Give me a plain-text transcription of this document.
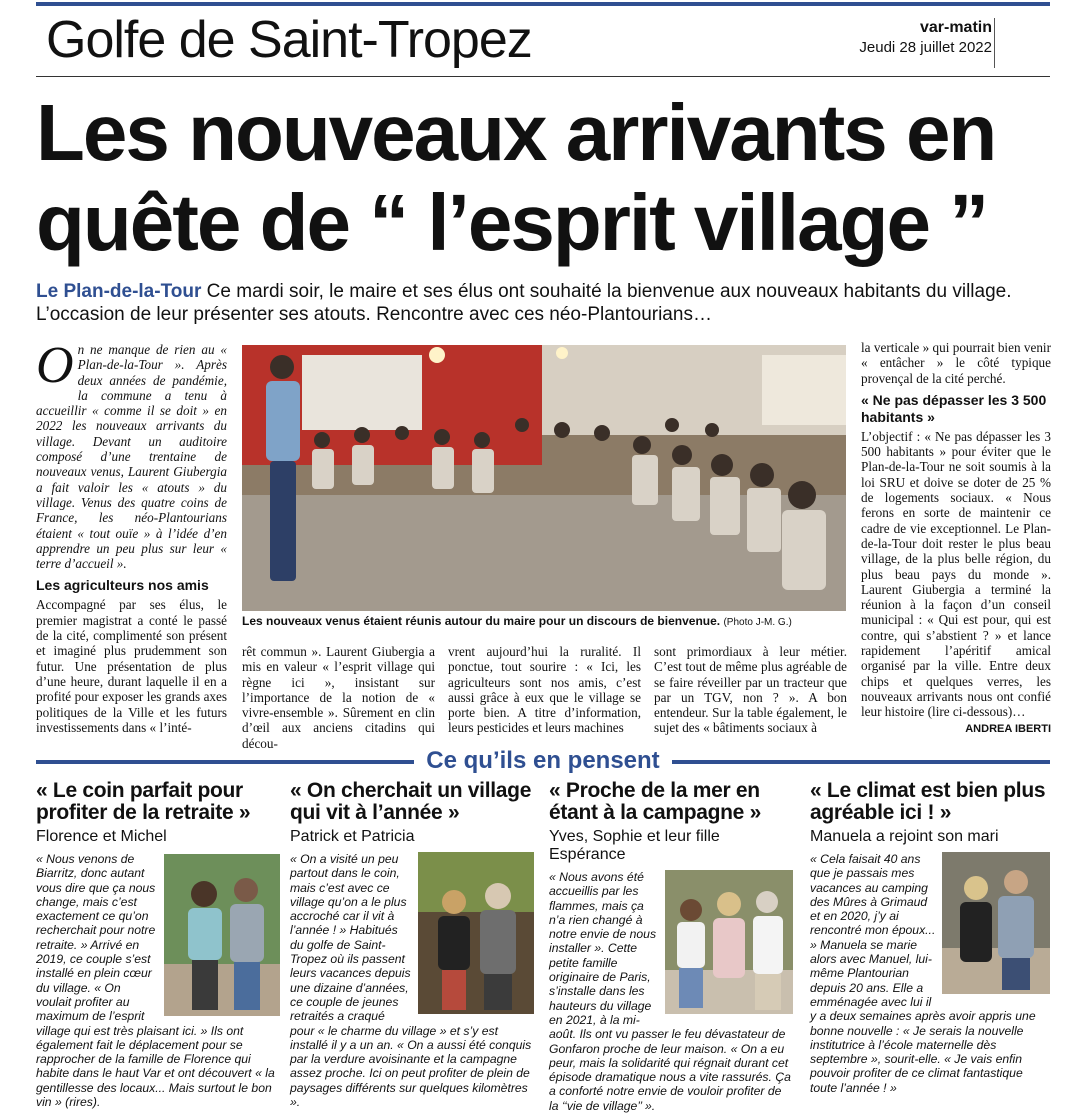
Golfe de Saint-Tropez	var-matin
Jeudi 28 juillet 2022
Les nouveaux arrivants en
quête de “ l’esprit village ”
Le Plan-de-la-Tour Ce mardi soir, le maire et ses élus ont souhaité la bienvenue aux nouveaux habitants du village. L’occasion de leur présenter ses atouts. Rencontre avec ces néo-Plantourians…

On ne manque de rien au « Plan-de-la-Tour ». Après deux années de pandémie, la commune a tenu à accueillir « comme il se doit » en 2022 les nouveaux arrivants du village. Devant un auditoire composé d’une trentaine de nouveaux venus, Laurent Giubergia a fait valoir les « atouts » du village. Venus des quatre coins de France, les néo-Plantourians étaient « tout ouïe » à l’idée d’en apprendre un peu plus sur leur « terre d’accueil ».

Les agriculteurs nos amis

Accompagné par ses élus, le premier magistrat a conté le passé de la cité, complimenté son présent et imaginé plus prudemment son futur. Une présentation de plus d’une heure, durant laquelle il en a profité pour exposer les grands axes politiques de la Ville et les futurs investissements dans « l’inté-

Les nouveaux venus étaient réunis autour du maire pour un discours de bienvenue. (Photo J-M. G.)

rêt commun ». Laurent Giubergia a mis en valeur « l’esprit village qui règne ici », insistant sur l’importance de la notion de « vivre-ensemble ». Sûrement en clin d’œil aux anciens citadins qui décou-

vrent aujourd’hui la ruralité. Il ponctue, tout sourire : « Ici, les agriculteurs sont nos amis, c’est aussi grâce à eux que le village se porte bien. A titre d’information, leurs pesticides et leurs machines

sont primordiaux à leur métier. C’est tout de même plus agréable de se faire réveiller par un tracteur que par un TGV, non ? ». A bon entendeur. Sur la table également, le sujet des « bâtiments sociaux à

la verticale » qui pourrait bien venir « entâcher » le côté typique provençal de la cité perché.

« Ne pas dépasser les 3 500 habitants »

L’objectif : « Ne pas dépasser les 3 500 habitants » pour éviter que le Plan-de-la-Tour ne soit soumis à la loi SRU et doive se doter de 25 % de logements sociaux. « Nous ferons en sorte de maintenir ce cadre de vie exceptionnel. Le Plan-de-la-Tour doit rester le plus beau village, de la plus belle région, du plus beau pays du monde ». Laurent Giubergia a terminé la réunion à la façon d’un conseil municipal : « Qui est pour, qui est contre, qui s’abstient ? » et lance rapidement l’apéritif amical organisé par la ville. Entre deux chips et quelques verres, les nouveaux arrivants nous ont confié leur histoire (lire ci-dessous)…

ANDREA IBERTI
Ce qu’ils en pensent
« Le coin parfait pour profiter de la retraite »
Florence et Michel
« Nous venons de Biarritz, donc autant vous dire que ça nous change, mais c’est exactement ce qu’on recherchait pour notre retraite. » Arrivé en 2019, ce couple s’est installé en plein cœur du village. « On voulait profiter au maximum de l’esprit village qui est très plaisant ici. » Ils ont également fait le déplacement pour se rapprocher de la famille de Florence qui habite dans le haut Var et ont découvert « la gentillesse des locaux... Mais surtout le bon vin » (rires).
« On cherchait un village qui vit à l’année »
Patrick et Patricia
« On a visité un peu partout dans le coin, mais c’est avec ce village qu’on a le plus accroché car il vit à l’année ! » Habitués du golfe de Saint-Tropez où ils passent leurs vacances depuis une dizaine d’années, ce couple de jeunes retraités a craqué pour « le charme du village » et s’y est installé il y a un an. « On a aussi été conquis par la verdure avoisinante et la campagne assez proche. Ici on peut profiter de plein de paysages différents sur quelques kilomètres ».
« Proche de la mer en étant à la campagne »
Yves, Sophie et leur fille Espérance
« Nous avons été accueillis par les flammes, mais ça n’a rien changé à notre envie de nous installer ». Cette petite famille originaire de Paris, s’installe dans les hauteurs du village en 2021, à la mi-août. Ils ont vu passer le feu dévastateur de Gonfaron proche de leur maison. « On a eu peur, mais la solidarité qui régnait durant cet épisode dramatique nous a vite rassurés. Ça a conforté notre envie de vouloir profiter de la ‘‘vie de village’’ ».
« Le climat est bien plus agréable ici ! »
Manuela a rejoint son mari
« Cela faisait 40 ans que je passais mes vacances au camping des Mûres à Grimaud et en 2020, j’y ai rencontré mon époux... » Manuela se marie alors avec Manuel, lui-même Plantourian depuis 20 ans. Elle a emménagée avec lui il y a deux semaines après avoir appris une bonne nouvelle : « Je serais la nouvelle institutrice à l’école maternelle dès septembre », sourit-elle. « Je vais enfin pouvoir profiter de ce climat fantastique toute l’année ! »
